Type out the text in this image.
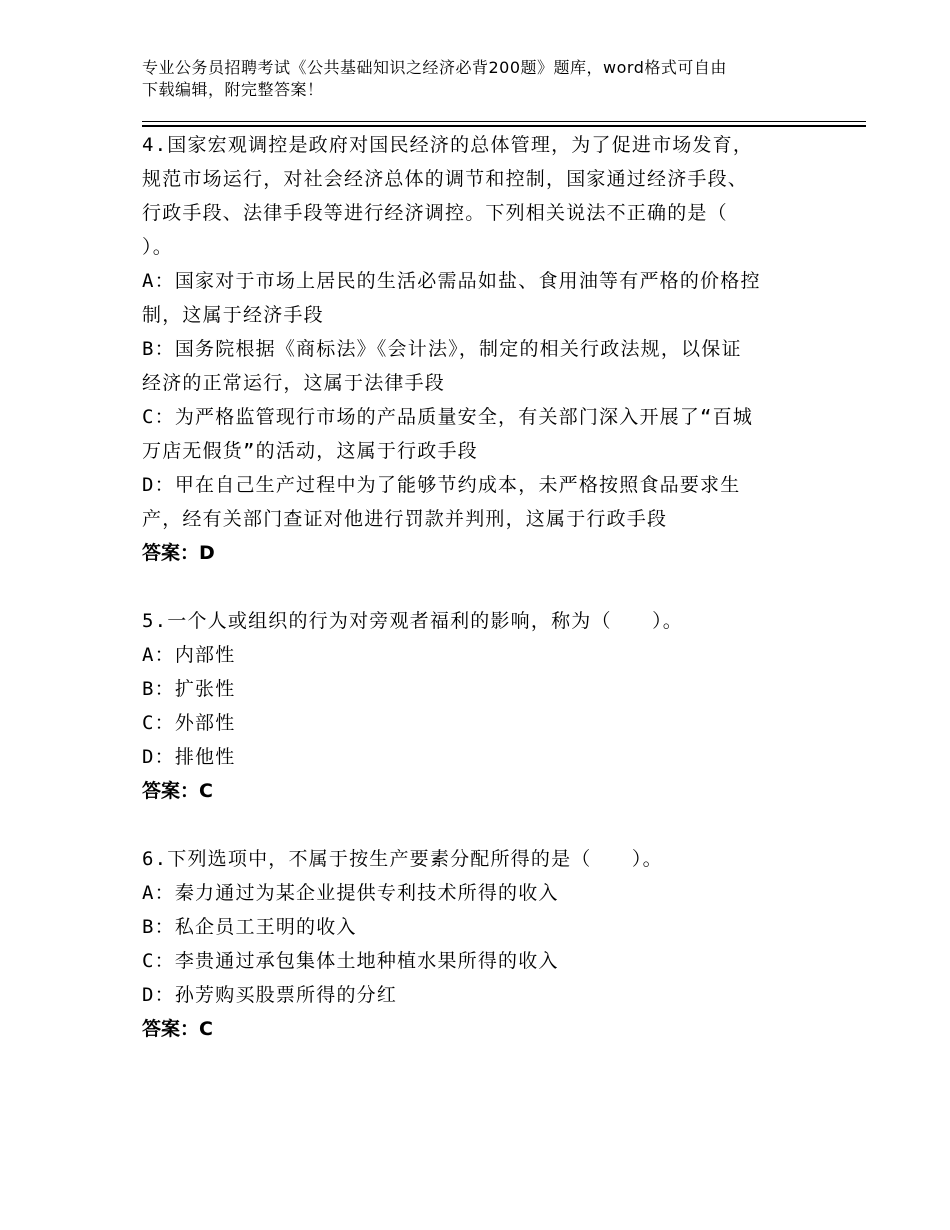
专业公务员招聘考试《公共基础知识之经济必背200题》题库，word格式可自由
下载编辑，附完整答案！
4.国家宏观调控是政府对国民经济的总体管理，为了促进市场发育，
规范市场运行，对社会经济总体的调节和控制，国家通过经济手段、
行政手段、法律手段等进行经济调控。下列相关说法不正确的是（
）。
A：国家对于市场上居民的生活必需品如盐、食用油等有严格的价格控
制，这属于经济手段
B：国务院根据《商标法》《会计法》，制定的相关行政法规，以保证
经济的正常运行，这属于法律手段
C：为严格监管现行市场的产品质量安全，有关部门深入开展了“百城
万店无假货”的活动，这属于行政手段
D：甲在自己生产过程中为了能够节约成本，未严格按照食品要求生
产，经有关部门查证对他进行罚款并判刑，这属于行政手段
答案：D
5.一个人或组织的行为对旁观者福利的影响，称为（　　）。
A：内部性
B：扩张性
C：外部性
D：排他性
答案：C
6.下列选项中，不属于按生产要素分配所得的是（　　）。
A：秦力通过为某企业提供专利技术所得的收入
B：私企员工王明的收入
C：李贵通过承包集体土地种植水果所得的收入
D：孙芳购买股票所得的分红
答案：C
